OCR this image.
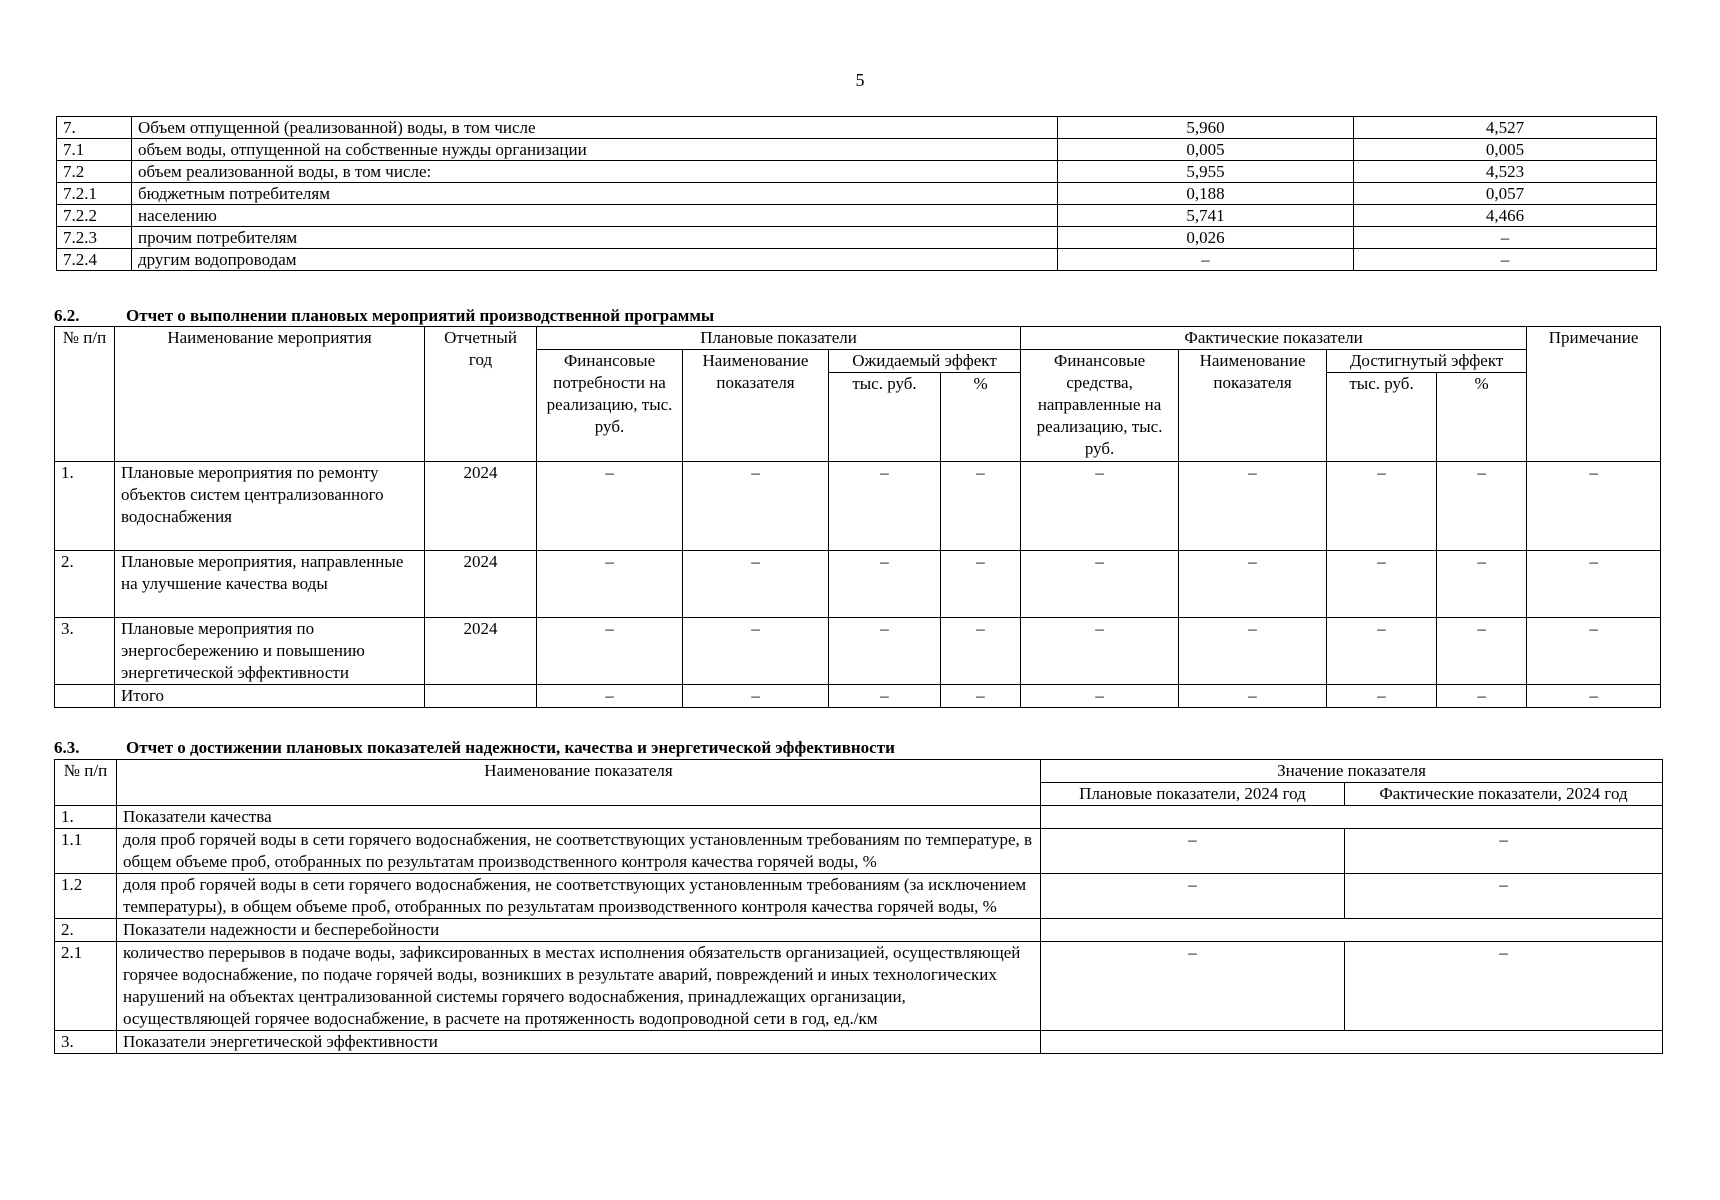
5
7.	Объем отпущенной (реализованной) воды, в том числе	5,960	4,527
7.1	объем воды, отпущенной на собственные нужды организации	0,005	0,005
7.2	объем реализованной воды, в том числе:	5,955	4,523
7.2.1	бюджетным потребителям	0,188	0,057
7.2.2	населению	5,741	4,466
7.2.3	прочим потребителям	0,026	–
7.2.4	другим водопроводам	–	–
6.2.	Отчет о выполнении плановых мероприятий производственной программы
№ п/п	Наименование мероприятия	Отчетный год	Плановые показатели				Фактические показатели				Примечание
			Финансовые потребности на реализацию, тыс. руб.	Наименование показателя	Ожидаемый эффект		Финансовые средства, направленные на реализацию, тыс. руб.	Наименование показателя	Достигнутый эффект		
					тыс. руб.	%			тыс. руб.	%	
1.	Плановые мероприятия по ремонту объектов систем централизованного водоснабжения	2024	–	–	–	–	–	–	–	–	–
2.	Плановые мероприятия, направленные на улучшение качества воды	2024	–	–	–	–	–	–	–	–	–
3.	Плановые мероприятия по энергосбережению и повышению энергетической эффективности	2024	–	–	–	–	–	–	–	–	–
	Итого		–	–	–	–	–	–	–	–	–
6.3.	Отчет о достижении плановых показателей надежности, качества и энергетической эффективности
№ п/п	Наименование показателя	Значение показателя	
		Плановые показатели, 2024 год	Фактические показатели, 2024 год
1.	Показатели качества		
1.1	доля проб горячей воды в сети горячего водоснабжения, не соответствующих установленным требованиям по температуре, в общем объеме проб, отобранных по результатам производственного контроля качества горячей воды, %	–	–
1.2	доля проб горячей воды в сети горячего водоснабжения, не соответствующих установленным требованиям (за исключением температуры), в общем объеме проб, отобранных по результатам производственного контроля качества горячей воды, %	–	–
2.	Показатели надежности и бесперебойности		
2.1	количество перерывов в подаче воды, зафиксированных в местах исполнения обязательств организацией, осуществляющей горячее водоснабжение, по подаче горячей воды, возникших в результате аварий, повреждений и иных технологических нарушений на объектах централизованной системы горячего водоснабжения, принадлежащих организации, осуществляющей горячее водоснабжение, в расчете на протяженность водопроводной сети в год, ед./км	–	–
3.	Показатели энергетической эффективности		
